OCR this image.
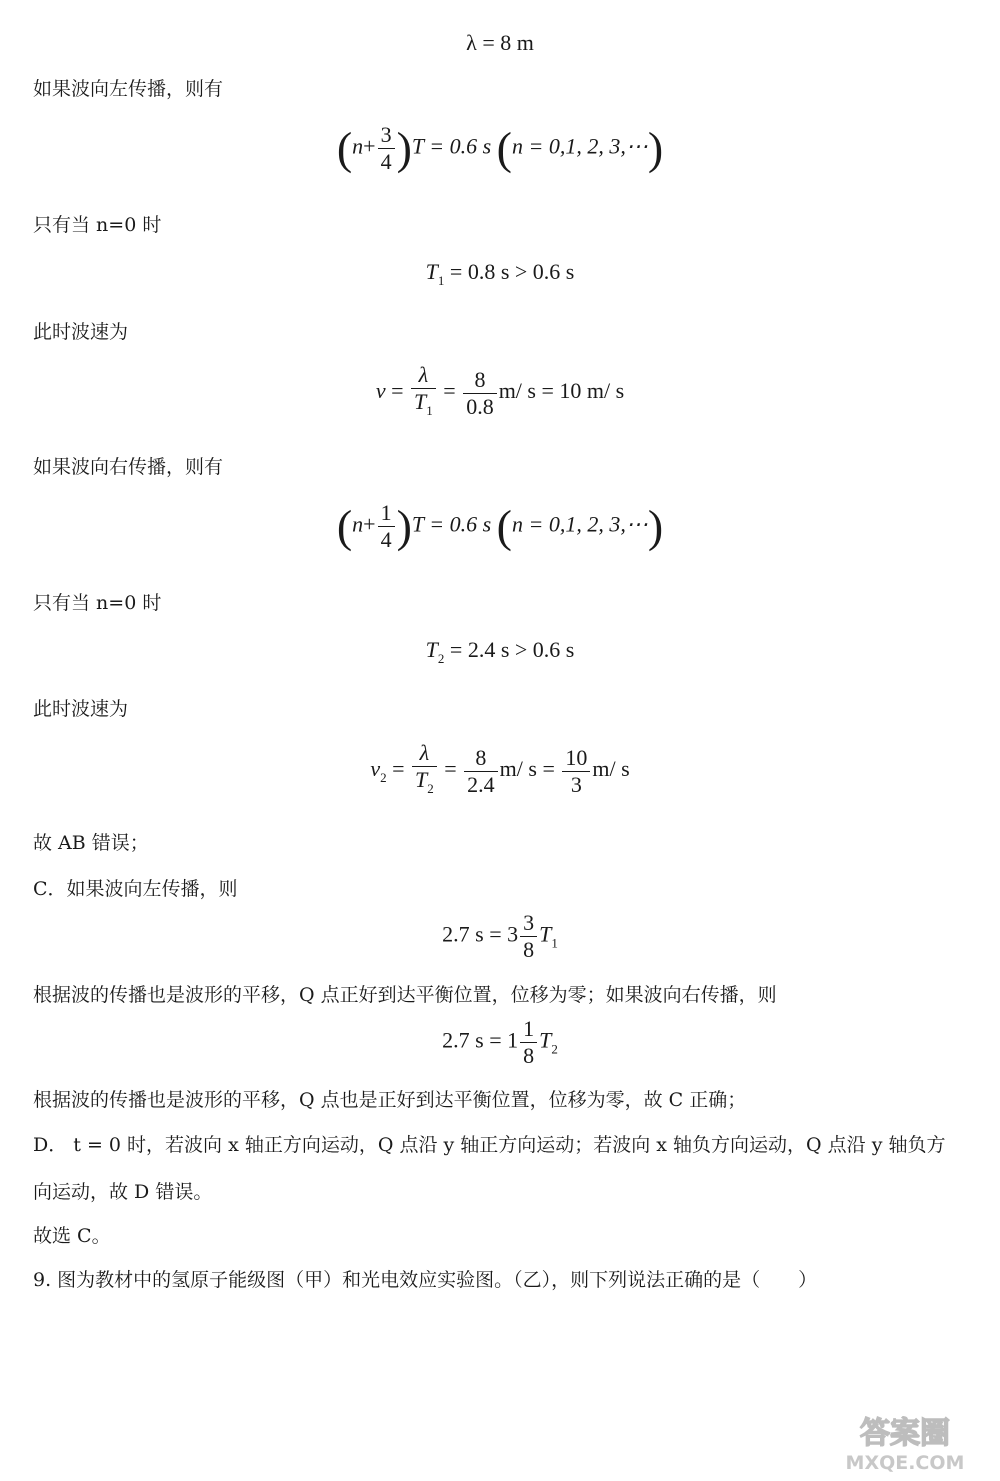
λ = 8 m
如果波向左传播，则有
$(n+ \frac{3}{4} )T = 0.6$ s (n = 0,1, 2, 3,⋯)
只有当 n=0 时
$T_1 = 0.8$ s > 0.6 s
此时波速为
$v = \frac{\lambda}{T_1} = \frac{8}{0.8} m/$ s = 10 m/ s
如果波向右传播，则有
$(n+ \frac{1}{4} )T = 0.6$ s (n = 0,1, 2, 3,⋯)
只有当 n=0 时
$T_2 = 2.4$ s > 0.6 s
此时波速为
$v_2 = \frac{\lambda}{T_2} = \frac{8}{2.4} m/$ $s = \frac{10}{3} m/$ s
故 AB 错误；
C．如果波向左传播，则
2.7 $s = 3 \frac{3}{8} T_1$
根据波的传播也是波形的平移，Q 点正好到达平衡位置，位移为零；如果波向右传播，则
2.7 $s = 1 \frac{1}{8} T_2$
根据波的传播也是波形的平移，Q 点也是正好到达平衡位置，位移为零，故 C 正确；
D． t = 0 时，若波向 x 轴正方向运动，Q 点沿 y 轴正方向运动；若波向 x 轴负方向运动，Q 点沿 y 轴负方
向运动，故 D 错误。
故选 C。
9. 图为教材中的氢原子能级图（甲）和光电效应实验图。（乙），则下列说法正确的是（　　）
答案圈
MXQE.COM
